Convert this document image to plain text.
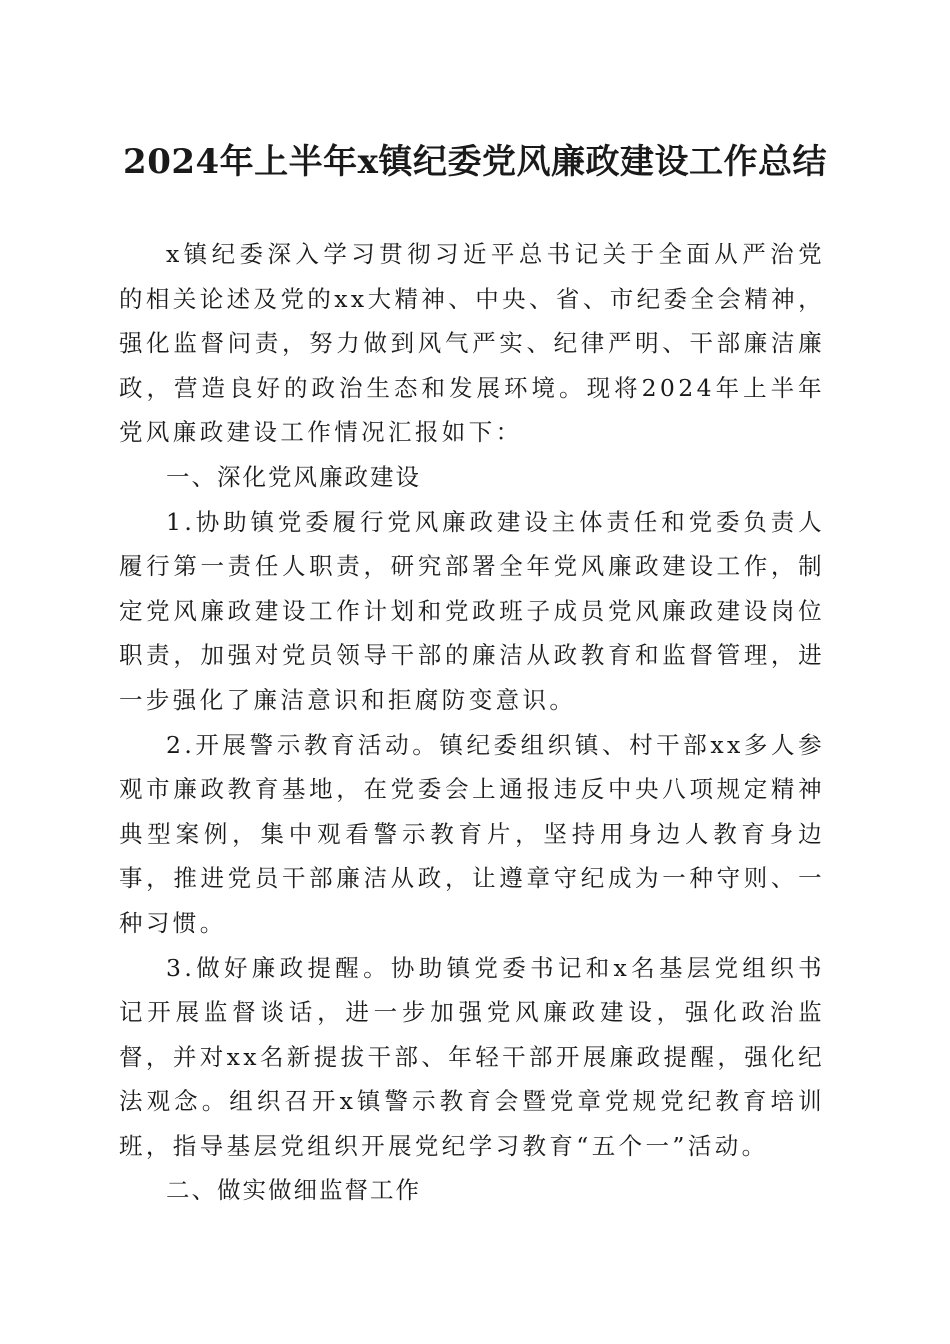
2024年上半年x镇纪委党风廉政建设工作总结

x镇纪委深入学习贯彻习近平总书记关于全面从严治党的相关论述及党的xx大精神、中央、省、市纪委全会精神，强化监督问责，努力做到风气严实、纪律严明、干部廉洁廉政，营造良好的政治生态和发展环境。现将2024年上半年党风廉政建设工作情况汇报如下：

一、深化党风廉政建设

1.协助镇党委履行党风廉政建设主体责任和党委负责人履行第一责任人职责，研究部署全年党风廉政建设工作，制定党风廉政建设工作计划和党政班子成员党风廉政建设岗位职责，加强对党员领导干部的廉洁从政教育和监督管理，进一步强化了廉洁意识和拒腐防变意识。

2.开展警示教育活动。镇纪委组织镇、村干部xx多人参观市廉政教育基地，在党委会上通报违反中央八项规定精神典型案例，集中观看警示教育片，坚持用身边人教育身边事，推进党员干部廉洁从政，让遵章守纪成为一种守则、一种习惯。

3.做好廉政提醒。协助镇党委书记和x名基层党组织书记开展监督谈话，进一步加强党风廉政建设，强化政治监督，并对xx名新提拔干部、年轻干部开展廉政提醒，强化纪法观念。组织召开x镇警示教育会暨党章党规党纪教育培训班，指导基层党组织开展党纪学习教育“五个一”活动。

二、做实做细监督工作
